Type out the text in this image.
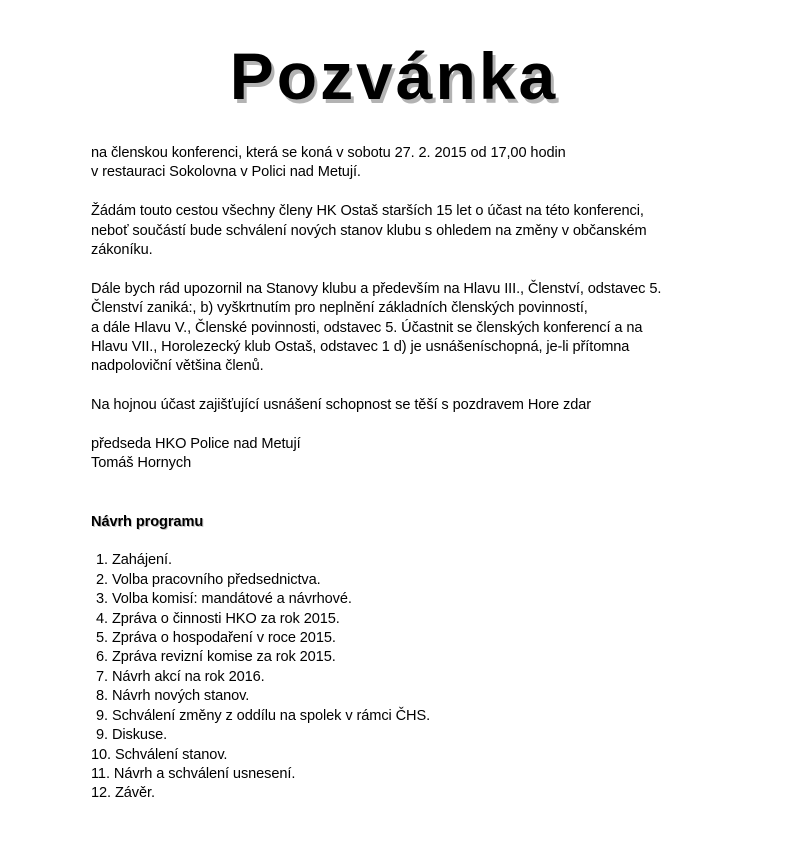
Pozvánka

na členskou konferenci, která se koná v sobotu 27. 2. 2015 od 17,00 hodin
v restauraci Sokolovna v Polici nad Metují.

Žádám touto cestou všechny členy HK Ostaš starších 15 let o účast na této konferenci,
neboť součástí bude schválení nových stanov klubu s ohledem na změny v občanském
zákoníku.

Dále bych rád upozornil na Stanovy klubu a především na Hlavu III., Členství, odstavec 5.
Členství zaniká:, b) vyškrtnutím pro neplnění základních členských povinností,
a dále Hlavu V., Členské povinnosti, odstavec 5. Účastnit se členských konferencí a na
Hlavu VII., Horolezecký klub Ostaš, odstavec 1 d) je usnášeníschopná, je-li přítomna
nadpoloviční většina členů.

Na hojnou účast zajišťující usnášení schopnost se těší s pozdravem Hore zdar

předseda HKO Police nad Metují
Tomáš Hornych

Návrh programu

1. Zahájení.
2. Volba pracovního předsednictva.
3. Volba komisí: mandátové a návrhové.
4. Zpráva o činnosti HKO za rok 2015.
5. Zpráva o hospodaření v roce 2015.
6. Zpráva revizní komise za rok 2015.
7. Návrh akcí na rok 2016.
8. Návrh nových stanov.
9. Schválení změny z oddílu na spolek v rámci ČHS.
9. Diskuse.
10. Schválení stanov.
11. Návrh a schválení usnesení.
12. Závěr.
